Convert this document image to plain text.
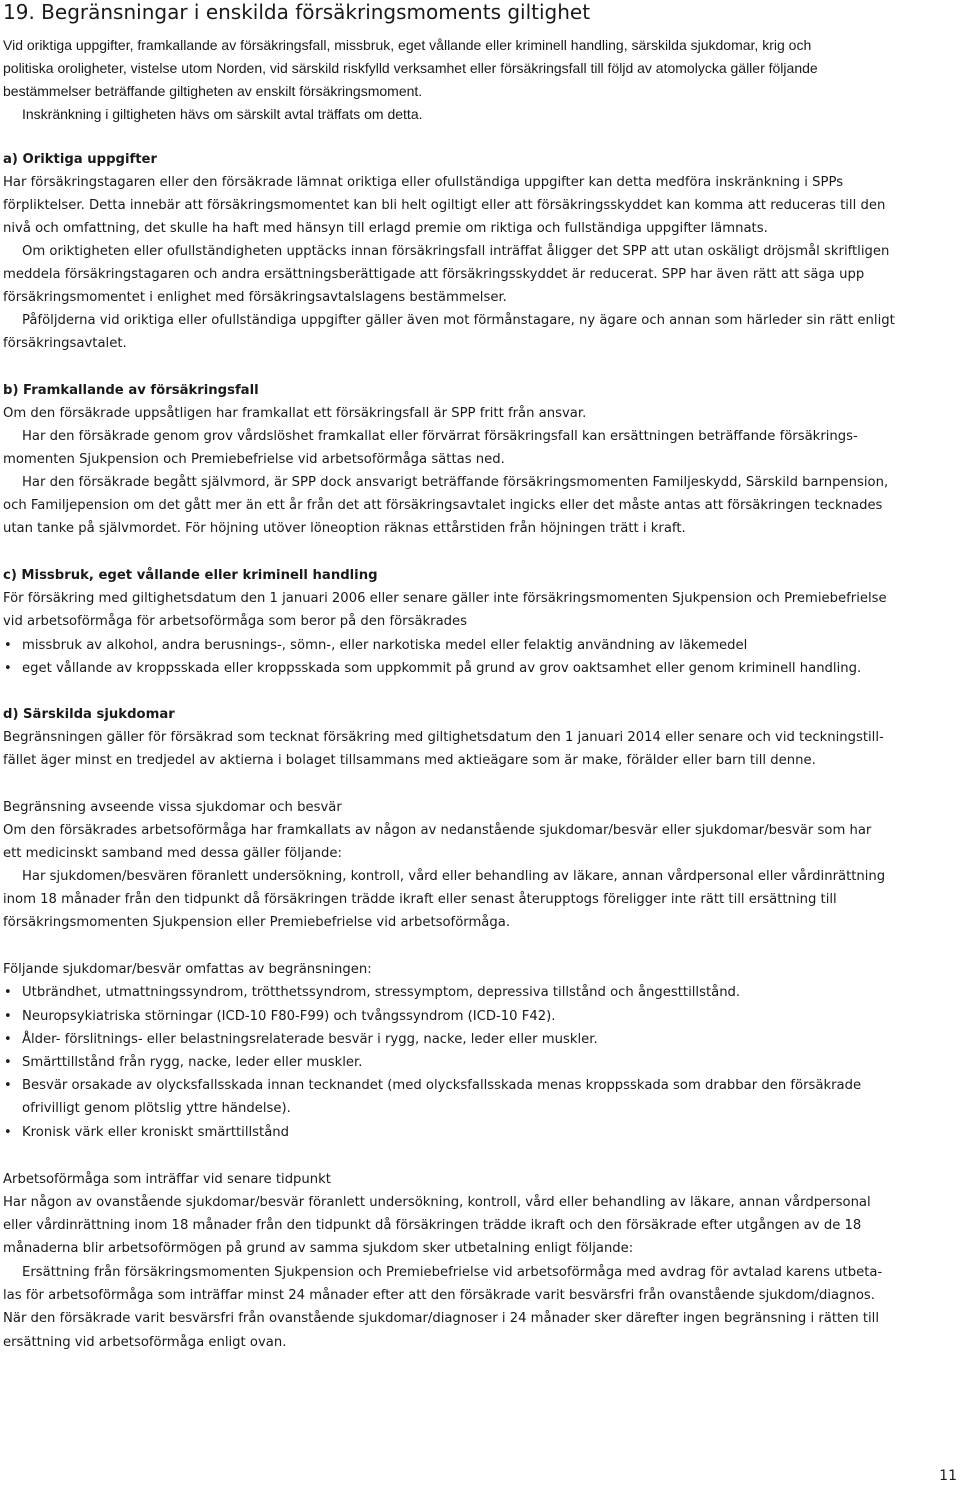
19. Begränsningar i enskilda försäkringsmoments giltighet
Vid oriktiga uppgifter, framkallande av försäkringsfall, missbruk, eget vållande eller kriminell handling, särskilda sjukdomar, krig och
politiska oroligheter, vistelse utom Norden, vid särskild riskfylld verksamhet eller försäkringsfall till följd av atomolycka gäller följande
bestämmelser beträffande giltigheten av enskilt försäkringsmoment.
Inskränkning i giltigheten hävs om särskilt avtal träffats om detta.
a) Oriktiga uppgifter
Har försäkringstagaren eller den försäkrade lämnat oriktiga eller ofullständiga uppgifter kan detta medföra inskränkning i SPPs
förpliktelser. Detta innebär att försäkringsmomentet kan bli helt ogiltigt eller att försäkringsskyddet kan komma att reduceras till den
nivå och omfattning, det skulle ha haft med hänsyn till erlagd premie om riktiga och fullständiga uppgifter lämnats.
Om oriktigheten eller ofullständigheten upptäcks innan försäkringsfall inträffat åligger det SPP att utan oskäligt dröjsmål skriftligen
meddela försäkringstagaren och andra ersättningsberättigade att försäkringsskyddet är reducerat. SPP har även rätt att säga upp
försäkringsmomentet i enlighet med försäkringsavtalslagens bestämmelser.
Påföljderna vid oriktiga eller ofullständiga uppgifter gäller även mot förmånstagare, ny ägare och annan som härleder sin rätt enligt
försäkringsavtalet.
b) Framkallande av försäkringsfall
Om den försäkrade uppsåtligen har framkallat ett försäkringsfall är SPP fritt från ansvar.
Har den försäkrade genom grov vårdslöshet framkallat eller förvärrat försäkringsfall kan ersättningen beträffande försäkrings-
momenten Sjukpension och Premiebefrielse vid arbetsoförmåga sättas ned.
Har den försäkrade begått självmord, är SPP dock ansvarigt beträffande försäkringsmomenten Familjeskydd, Särskild barnpension,
och Familjepension om det gått mer än ett år från det att försäkringsavtalet ingicks eller det måste antas att försäkringen tecknades
utan tanke på självmordet. För höjning utöver löneoption räknas ettårstiden från höjningen trätt i kraft.
c) Missbruk, eget vållande eller kriminell handling
För försäkring med giltighetsdatum den 1 januari 2006 eller senare gäller inte försäkringsmomenten Sjukpension och Premiebefrielse
vid arbetsoförmåga för arbetsoförmåga som beror på den försäkrades
missbruk av alkohol, andra berusnings-, sömn-, eller narkotiska medel eller felaktig användning av läkemedel
•
eget vållande av kroppsskada eller kroppsskada som uppkommit på grund av grov oaktsamhet eller genom kriminell handling.
•
d) Särskilda sjukdomar
Begränsningen gäller för försäkrad som tecknat försäkring med giltighetsdatum den 1 januari 2014 eller senare och vid teckningstill-
fället äger minst en tredjedel av aktierna i bolaget tillsammans med aktieägare som är make, förälder eller barn till denne.
Begränsning avseende vissa sjukdomar och besvär
Om den försäkrades arbetsoförmåga har framkallats av någon av nedanstående sjukdomar/besvär eller sjukdomar/besvär som har
ett medicinskt samband med dessa gäller följande:
Har sjukdomen/besvären föranlett undersökning, kontroll, vård eller behandling av läkare, annan vårdpersonal eller vårdinrättning
inom 18 månader från den tidpunkt då försäkringen trädde ikraft eller senast återupptogs föreligger inte rätt till ersättning till
försäkringsmomenten Sjukpension eller Premiebefrielse vid arbetsoförmåga.
Följande sjukdomar/besvär omfattas av begränsningen:
Utbrändhet, utmattningssyndrom, trötthetssyndrom, stressymptom, depressiva tillstånd och ångesttillstånd.
•
Neuropsykiatriska störningar (ICD-10 F80-F99) och tvångssyndrom (ICD-10 F42).
•
Ålder- förslitnings- eller belastningsrelaterade besvär i rygg, nacke, leder eller muskler.
•
Smärttillstånd från rygg, nacke, leder eller muskler.
•
Besvär orsakade av olycksfallsskada innan tecknandet (med olycksfallsskada menas kroppsskada som drabbar den försäkrade
•
ofrivilligt genom plötslig yttre händelse).
Kronisk värk eller kroniskt smärttillstånd
•
Arbetsoförmåga som inträffar vid senare tidpunkt
Har någon av ovanstående sjukdomar/besvär föranlett undersökning, kontroll, vård eller behandling av läkare, annan vårdpersonal
eller vårdinrättning inom 18 månader från den tidpunkt då försäkringen trädde ikraft och den försäkrade efter utgången av de 18
månaderna blir arbetsoförmögen på grund av samma sjukdom sker utbetalning enligt följande:
Ersättning från försäkringsmomenten Sjukpension och Premiebefrielse vid arbetsoförmåga med avdrag för avtalad karens utbeta-
las för arbetsoförmåga som inträffar minst 24 månader efter att den försäkrade varit besvärsfri från ovanstående sjukdom/diagnos.
När den försäkrade varit besvärsfri från ovanstående sjukdomar/diagnoser i 24 månader sker därefter ingen begränsning i rätten till
ersättning vid arbetsoförmåga enligt ovan.
11
